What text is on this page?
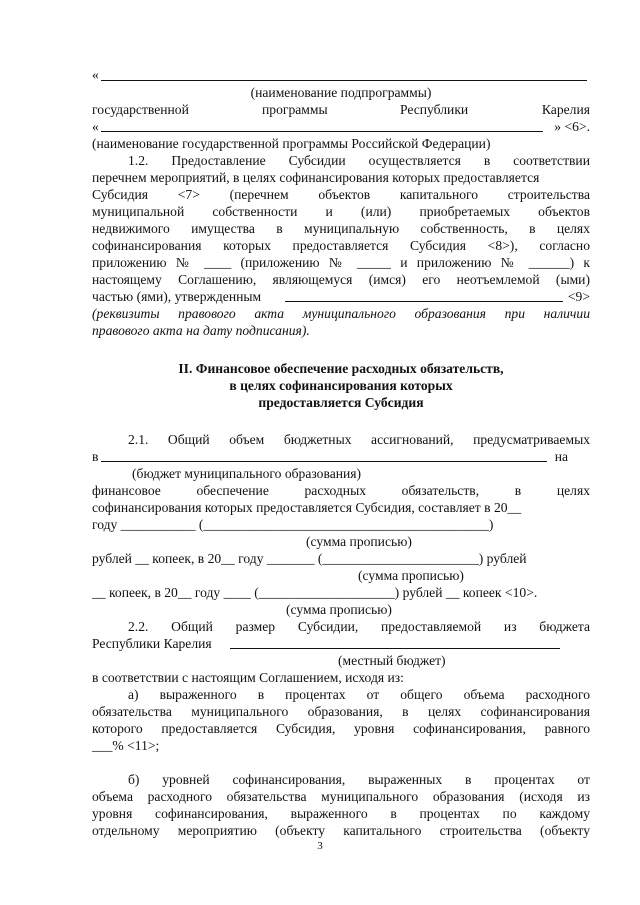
«
(наименование подпрограммы)
государственной	программы	Республики	Карелия
«	» <6>.
(наименование государственной программы Российской Федерации)
1.2. Предоставление Субсидии осуществляется в соответствии
перечнем мероприятий, в целях софинансирования которых предоставляется
Субсидия <7> (перечнем объектов капитального строительства
муниципальной собственности и (или) приобретаемых объектов
недвижимого имущества в муниципальную собственность, в целях
софинансирования которых предоставляется Субсидия <8>), согласно
приложению № ____ (приложению № _____ и приложению № ______) к
настоящему Соглашению, являющемуся (имся) его неотъемлемой (ыми)
частью (ями), утвержденным	<9>
(реквизиты правового акта муниципального образования при наличии
правового акта на дату подписания).
II. Финансовое обеспечение расходных обязательств,
в целях софинансирования которых
предоставляется Субсидия
2.1. Общий объем бюджетных ассигнований, предусматриваемых
в	на
(бюджет муниципального образования)
финансовое обеспечение расходных обязательств, в целях
софинансирования которых предоставляется Субсидия, составляет в 20__
году ___________ (__________________________________________)
(сумма прописью)
рублей __ копеек, в 20__ году _______ (_______________________) рублей
(сумма прописью)
__ копеек, в 20__ году ____ (____________________) рублей __ копеек <10>.
(сумма прописью)
2.2. Общий размер Субсидии, предоставляемой из бюджета
Республики Карелия
(местный бюджет)
в соответствии с настоящим Соглашением, исходя из:
а) выраженного в процентах от общего объема расходного
обязательства муниципального образования, в целях софинансирования
которого предоставляется Субсидия, уровня софинансирования, равного
___% <11>;
б) уровней софинансирования, выраженных в процентах от
объема расходного обязательства муниципального образования (исходя из
уровня софинансирования, выраженного в процентах по каждому
отдельному мероприятию (объекту капитального строительства (объекту
3
